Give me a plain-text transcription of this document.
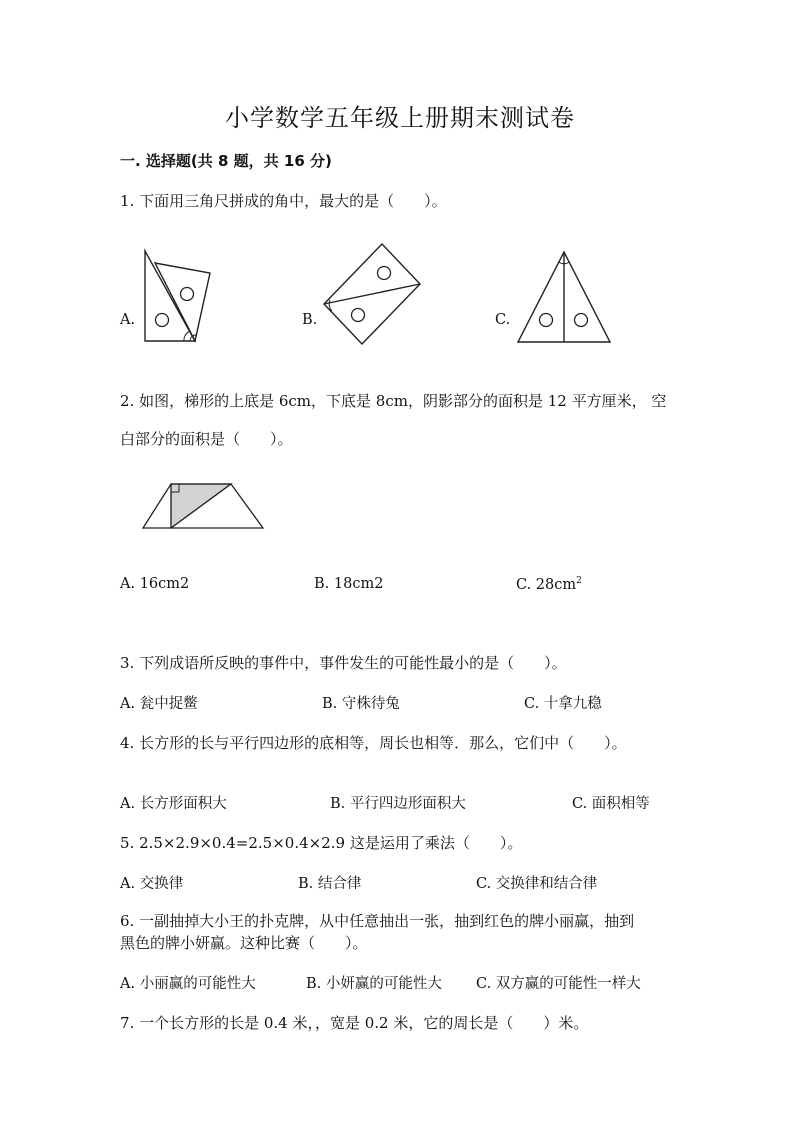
小学数学五年级上册期末测试卷
一. 选择题(共 8 题，共 16 分)
1. 下面用三角尺拼成的角中，最大的是（　　）。
A.	B.	C.
2. 如图，梯形的上底是 6cm，下底是 8cm，阴影部分的面积是 12 平方厘米， 空
白部分的面积是（　　）。
A. 16cm2	B. 18cm2	C. $28cm^2$
3. 下列成语所反映的事件中，事件发生的可能性最小的是（　　）。
A. 瓮中捉鳖	B. 守株待兔	C. 十拿九稳
4. 长方形的长与平行四边形的底相等，周长也相等．那么，它们中（　　）。
A. 长方形面积大	B. 平行四边形面积大	C. 面积相等
5. 2.5×2.9×0.4=2.5×0.4×2.9 这是运用了乘法（　　）。
A. 交换律	B. 结合律	C. 交换律和结合律
6. 一副抽掉大小王的扑克牌，从中任意抽出一张，抽到红色的牌小丽赢，抽到
黑色的牌小妍赢。这种比赛（　　）。
A. 小丽赢的可能性大	B. 小妍赢的可能性大 C. 双方赢的可能性一样大
7. 一个长方形的长是 0.4 米，，宽是 0.2 米，它的周长是（　　）米。
